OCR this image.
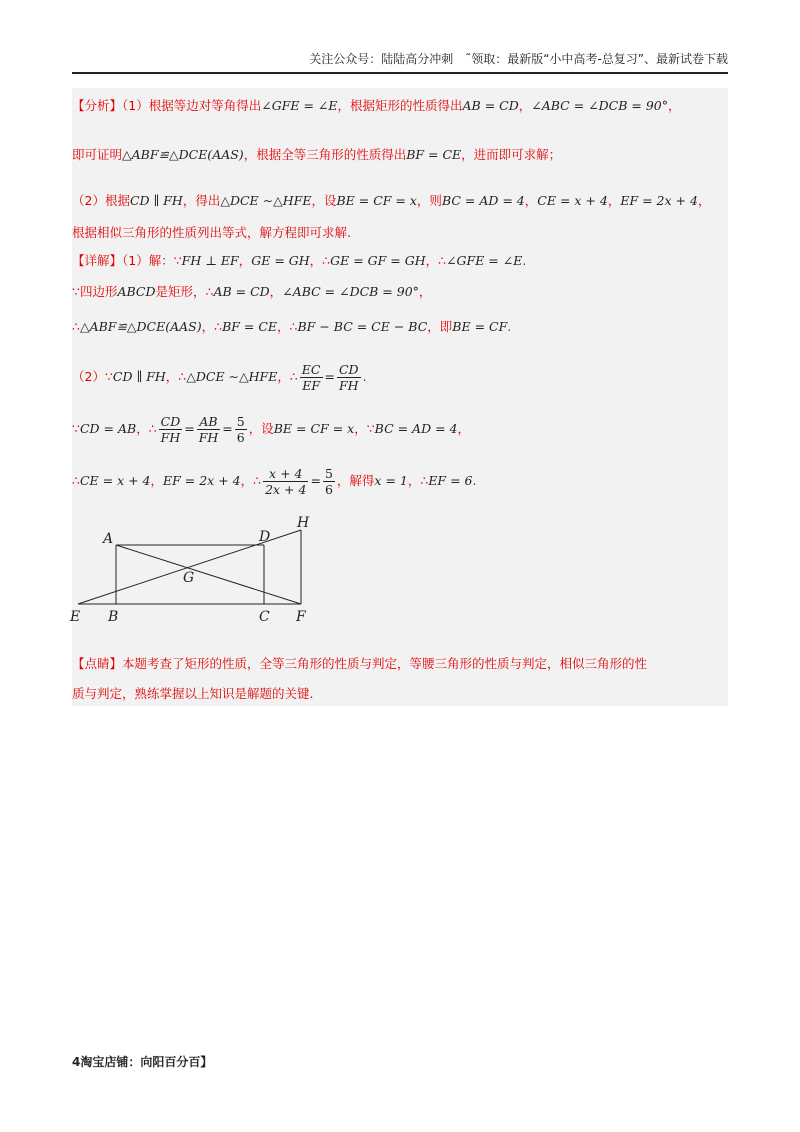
关注公众号：陆陆高分冲刺　˜领取：最新版“小中高考-总复习”、最新试卷下载
【分析】（1）根据等边对等角得出∠GFE = ∠E，根据矩形的性质得出AB = CD，∠ABC = ∠DCB = 90°，
即可证明△ABF≌△DCE(AAS)，根据全等三角形的性质得出BF = CE，进而即可求解；
（2）根据CD ∥ FH，得出△DCE ∼△HFE，设BE = CF = x，则BC = AD = 4，CE = x + 4，EF = 2x + 4，
根据相似三角形的性质列出等式，解方程即可求解.
【详解】（1）解：∵FH ⊥ EF，GE = GH，∴GE = GF = GH，∴∠GFE = ∠E.
∵四边形ABCD是矩形，∴AB = CD，∠ABC = ∠DCB = 90°，
∴△ABF≌△DCE(AAS)，∴BF = CE，∴BF − BC = CE − BC，即BE = CF.
（2）∵CD ∥ FH，∴△DCE ∼△HFE，∴ $\frac{EC}{EF} = \frac{CD}{FH}$ .
∵CD = AB，∴ $\frac{CD}{FH} = \frac{AB}{FH} = \frac{5}{6}$ ，设BE = CF = x，∵BC = AD = 4，
∴CE = x + 4，EF = 2x + 4，∴ $\frac{x + 4}{2x + 4} = \frac{5}{6}$ ，解得x = 1，∴EF = 6.
A	D
H
G
E B	C F
【点睛】本题考查了矩形的性质，全等三角形的性质与判定，等腰三角形的性质与判定，相似三角形的性
质与判定，熟练掌握以上知识是解题的关键.
4淘宝店铺：向阳百分百】
